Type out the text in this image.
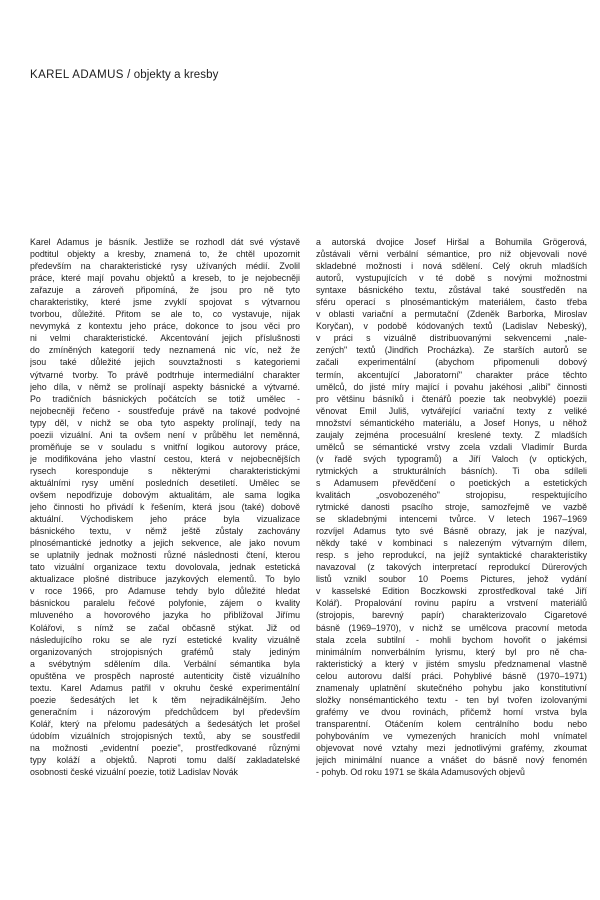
KAREL ADAMUS / objekty a kresby
Karel Adamus je básník. Jestliže se rozhodl dát své výstavě
podtitul objekty a kresby, znamená to, že chtěl upozornit
především na charakteristické rysy užívaných médií. Zvolil
práce, které mají povahu objektů a kreseb, to je nejobecněji
zařazuje a zároveň připomíná, že jsou pro ně tyto
charakteristiky, které jsme zvyklí spojovat s výtvarnou
tvorbou, důležité. Přitom se ale to, co vystavuje, nijak
nevymyká z kontextu jeho práce, dokonce to jsou věci pro
ni velmi charakteristické. Akcentování jejich příslušnosti
do zmíněných kategorií tedy neznamená nic víc, než že
jsou také důležité jejich souvztažnosti s kategoriemi
výtvarné tvorby. To právě podtrhuje intermediální charakter
jeho díla, v němž se prolínají aspekty básnické a výtvarné.
Po tradičních básnických počátcích se totiž umělec -
nejobecněji řečeno - soustřeďuje právě na takové podvojné
typy děl, v nichž se oba tyto aspekty prolínají, tedy na
poezii vizuální. Ani ta ovšem není v průběhu let neměnná,
proměňuje se v souladu s vnitřní logikou autorovy práce,
je modifikována jeho vlastní cestou, která v nejobecnějších
rysech koresponduje s některými charakteristickými
aktuálními rysy umění posledních desetiletí. Umělec se
ovšem nepodřizuje dobovým aktualitám, ale sama logika
jeho činnosti ho přivádí k řešením, která jsou (také) dobově
aktuální. Východiskem jeho práce byla vizualizace
básnického textu, v němž ještě zůstaly zachovány
plnosémantické jednotky a jejich sekvence, ale jako novum
se uplatnily jednak možnosti různé následnosti čtení, kterou
tato vizuální organizace textu dovolovala, jednak estetická
aktualizace plošné distribuce jazykových elementů. To bylo
v roce 1966, pro Adamuse tehdy bylo důležité hledat
básnickou paralelu řečové polyfonie, zájem o kvality
mluveného a hovorového jazyka ho přibližoval Jiřímu
Kolářovi, s nímž se začal občasně stýkat. Již od
následujícího roku se ale ryzí estetické kvality vizuálně
organizovaných strojopisných grafémů staly jediným
a svébytným sdělením díla. Verbální sémantika byla
opuštěna ve prospěch naprosté autenticity čistě vizuálního
textu. Karel Adamus patřil v okruhu české experimentální
poezie šedesátých let k těm nejradikálnějším. Jeho
generačním i názorovým předchůdcem byl především
Kolář, který na přelomu padesátých a šedesátých let prošel
údobím vizuálních strojopisných textů, aby se soustředil
na možnosti „evidentní poezie", prostředkované různými
typy koláží a objektů. Naproti tomu další zakladatelské
osobnosti české vizuální poezie, totiž Ladislav Novák
a autorská dvojice Josef Hiršal a Bohumila Grögerová,
zůstávali věrni verbální sémantice, pro niž objevovali nové
skladebné možnosti i nová sdělení. Celý okruh mladších
autorů, vystupujících v té době s novými možnostmi
syntaxe básnického textu, zůstával také soustředěn na
sféru operací s plnosémantickým materiálem, často třeba
v oblasti variační a permutační (Zdeněk Barborka, Miroslav
Koryčan), v podobě kódovaných textů (Ladislav Nebeský),
v práci s vizuálně distribuovanými sekvencemi „nale-
zených" textů (Jindřich Procházka). Ze starších autorů se
začali experimentální (abychom připomenuli dobový
termín, akcentující „laboratorní" charakter práce těchto
umělců, do jisté míry mající i povahu jakéhosi „alibi" činnosti
pro většinu básníků i čtenářů poezie tak neobvyklé) poezii
věnovat Emil Juliš, vytvářející variační texty z veliké
množství sémantického materiálu, a Josef Honys, u něhož
zaujaly zejména procesuální kreslené texty. Z mladších
umělců se sémantické vrstvy zcela vzdali Vladimír Burda
(v řadě svých typogramů) a Jiří Valoch (v optických,
rytmických a strukturálních básních). Ti oba sdíleli
s Adamusem převědčení o poetických a estetických
kvalitách „osvobozeného" strojopisu, respektujícího
rytmické danosti psacího stroje, samozřejmě ve vazbě
se skladebnými intencemi tvůrce. V letech 1967–1969
rozvíjel Adamus tyto své Básně obrazy, jak je nazýval,
někdy také v kombinaci s nalezeným výtvarným dílem,
resp. s jeho reprodukcí, na jejíž syntaktické charakteristiky
navazoval (z takových interpretací reprodukcí Dürerových
listů vznikl soubor 10 Poems Pictures, jehož vydání
v kasselské Edition Boczkowski zprostředkoval také Jiří
Kolář). Propalování rovinu papíru a vrstvení materiálů
(strojopis, barevný papír) charakterizovalo Cigaretové
básně (1969–1970), v nichž se umělcova pracovní metoda
stala zcela subtilní - mohli bychom hovořit o jakémsi
minimálním nonverbálním lyrismu, který byl pro ně cha-
rakteristický a který v jistém smyslu předznamenal vlastně
celou autorovu další práci. Pohyblivé básně (1970–1971)
znamenaly uplatnění skutečného pohybu jako konstitutivní
složky nonsémantického textu - ten byl tvořen izolovanými
grafémy ve dvou rovinách, přičemž horní vrstva byla
transparentní. Otáčením kolem centrálního bodu nebo
pohybováním ve vymezených hranicích mohl vnímatel
objevovat nové vztahy mezi jednotlivými grafémy, zkoumat
jejich minimální nuance a vnášet do básně nový fenomén
- pohyb. Od roku 1971 se škála Adamusových objevů
